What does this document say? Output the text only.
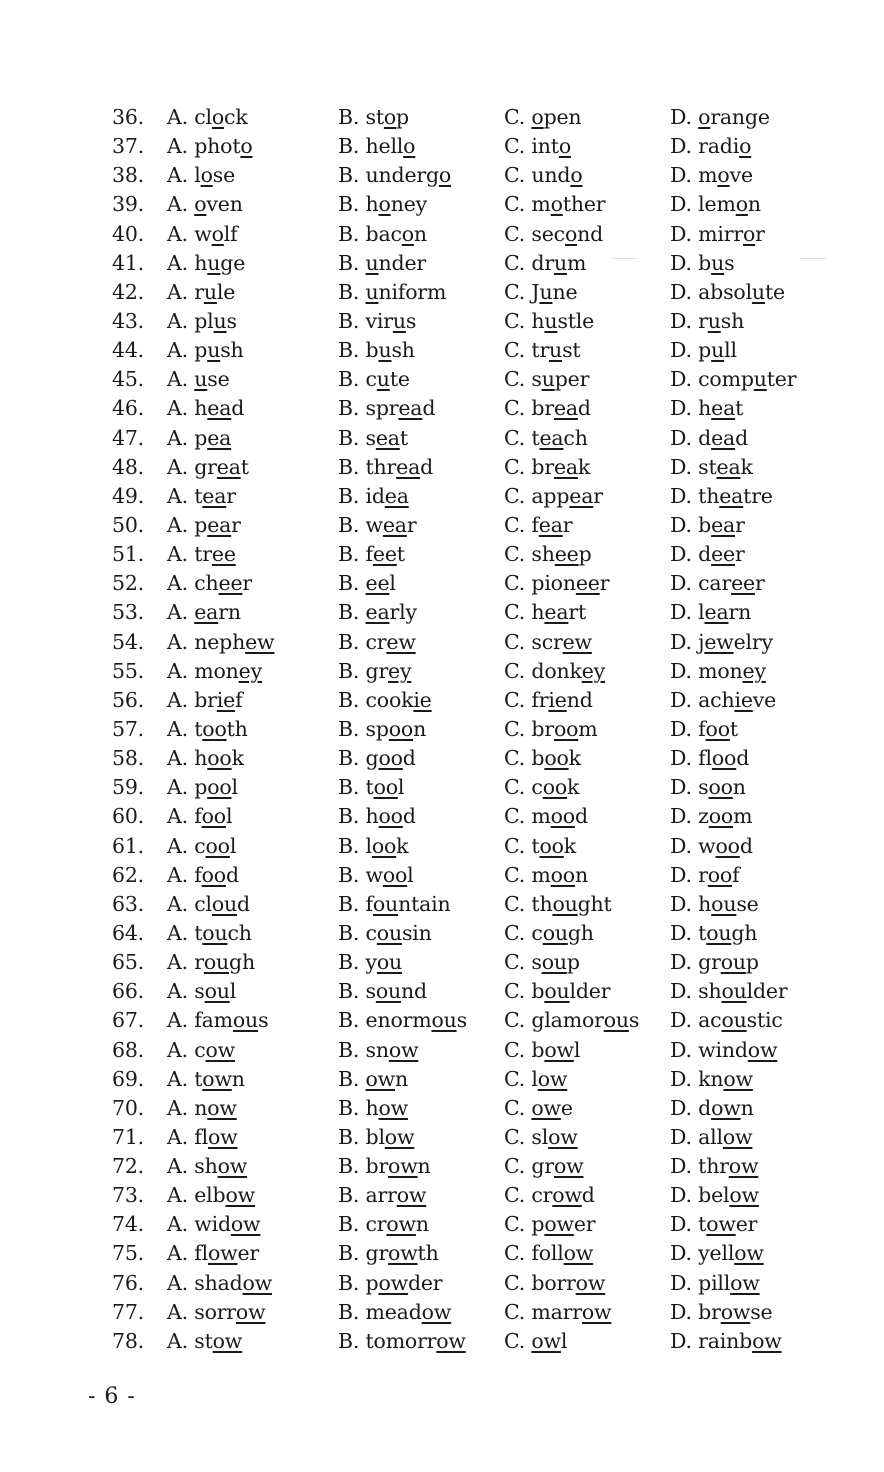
36. A. clock	B. stop	C. open	D. orange
37. A. photo	B. hello	C. into	D. radio
38. A. lose	B. undergo	C. undo	D. move
39. A. oven	B. honey	C. mother	D. lemon
40. A. wolf	B. bacon	C. second	D. mirror
41. A. huge	B. under	C. drum	D. bus
42. A. rule	B. uniform	C. June	D. absolute
43. A. plus	B. virus	C. hustle	D. rush
44. A. push	B. bush	C. trust	D. pull
45. A. use	B. cute	C. super	D. computer
46. A. head	B. spread	C. bread	D. heat
47. A. pea	B. seat	C. teach	D. dead
48. A. great	B. thread	C. break	D. steak
49. A. tear	B. idea	C. appear	D. theatre
50. A. pear	B. wear	C. fear	D. bear
51. A. tree	B. feet	C. sheep	D. deer
52. A. cheer	B. eel	C. pioneer	D. career
53. A. earn	B. early	C. heart	D. learn
54. A. nephew	B. crew	C. screw	D. jewelry
55. A. money	B. grey	C. donkey	D. money
56. A. brief	B. cookie	C. friend	D. achieve
57. A. tooth	B. spoon	C. broom	D. foot
58. A. hook	B. good	C. book	D. flood
59. A. pool	B. tool	C. cook	D. soon
60. A. fool	B. hood	C. mood	D. zoom
61. A. cool	B. look	C. took	D. wood
62. A. food	B. wool	C. moon	D. roof
63. A. cloud	B. fountain	C. thought	D. house
64. A. touch	B. cousin	C. cough	D. tough
65. A. rough	B. you	C. soup	D. group
66. A. soul	B. sound	C. boulder	D. shoulder
67. A. famous	B. enormous C. glamorous D. acoustic
68. A. cow	B. snow	C. bowl	D. window
69. A. town	B. own	C. low	D. know
70. A. now	B. how	C. owe	D. down
71. A. flow	B. blow	C. slow	D. allow
72. A. show	B. brown	C. grow	D. throw
73. A. elbow	B. arrow	C. crowd	D. below
74. A. widow	B. crown	C. power	D. tower
75. A. flower	B. growth	C. follow	D. yellow
76. A. shadow	B. powder	C. borrow	D. pillow
77. A. sorrow	B. meadow	C. marrow	D. browse
78. A. stow	B. tomorrow C. owl	D. rainbow
- 6 -
